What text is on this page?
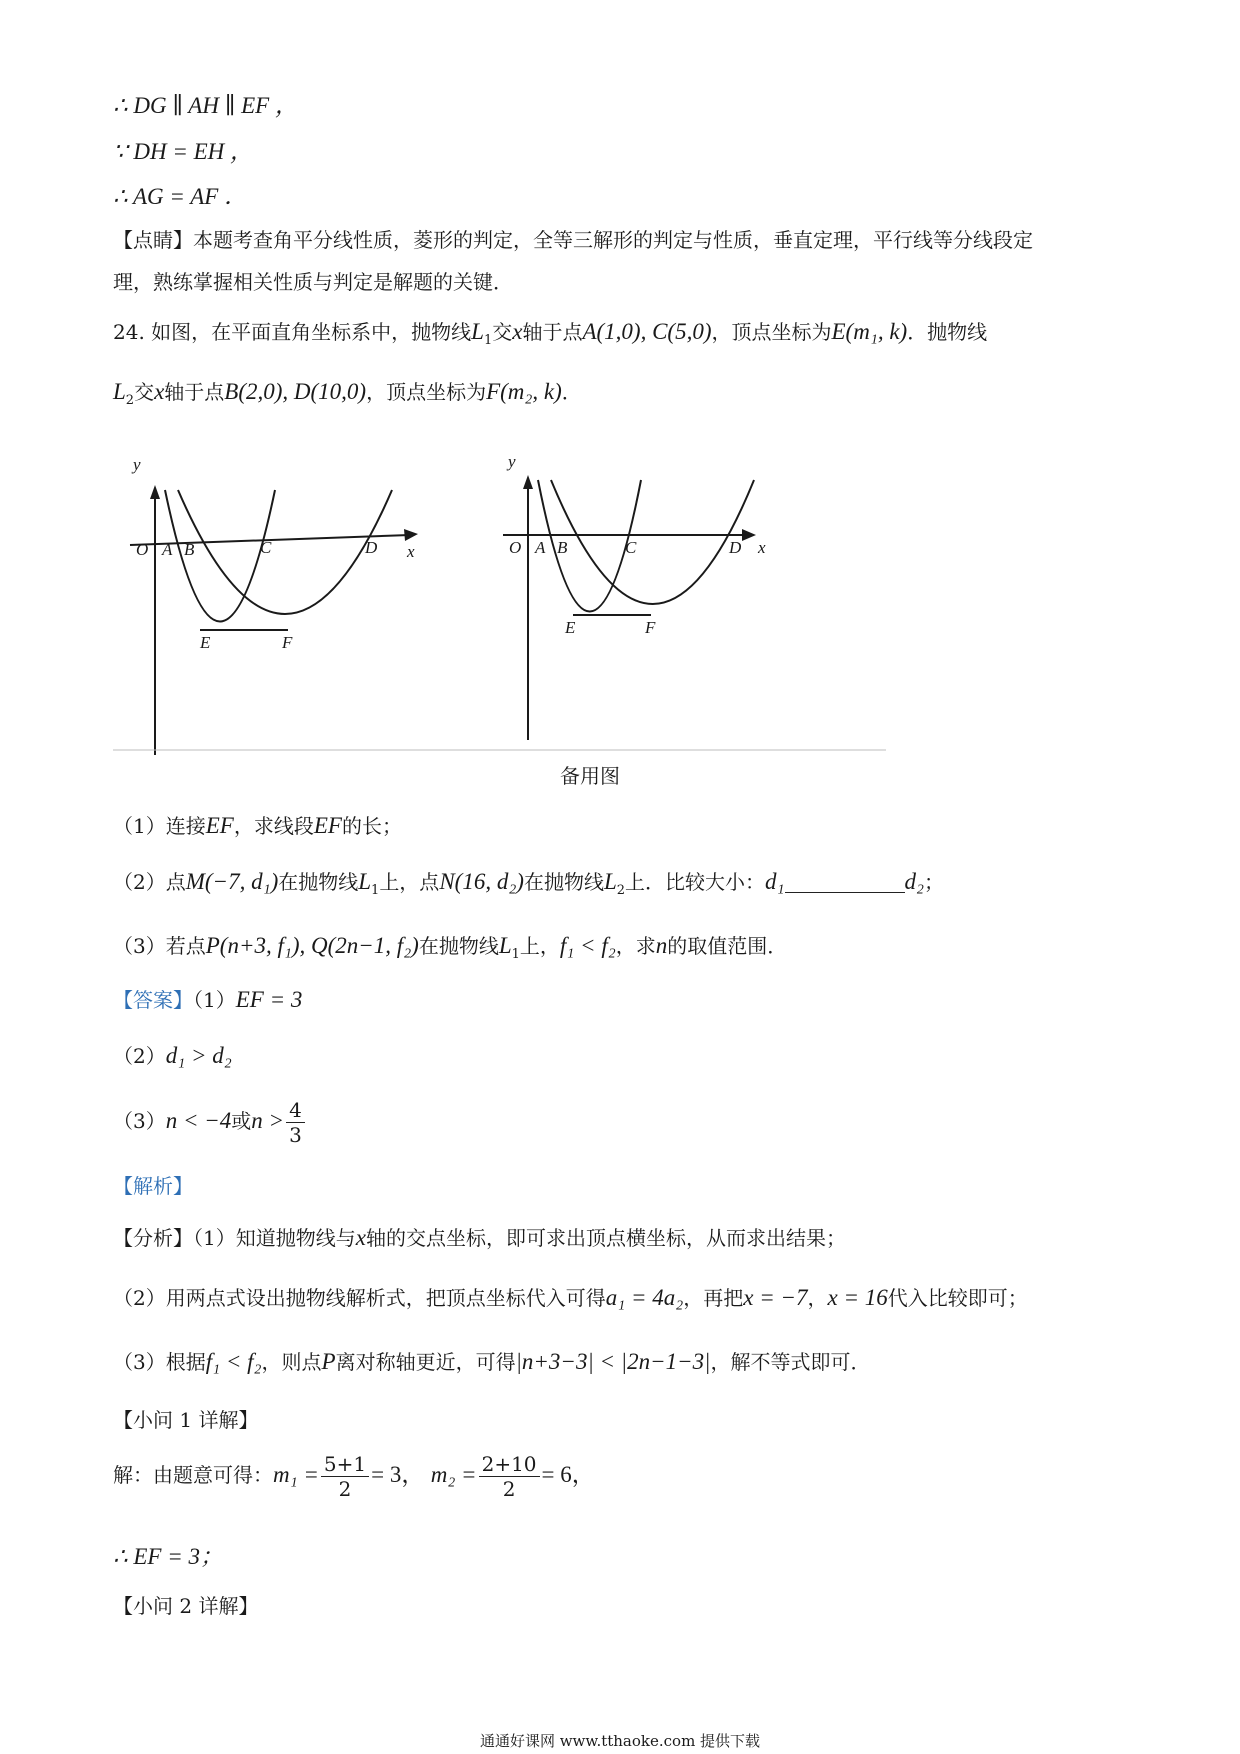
∴ DG ∥ AH ∥ EF ，
∵ DH = EH ，
∴ AG = AF ．
【点睛】本题考查角平分线性质，菱形的判定，全等三解形的判定与性质，垂直定理，平行线等分线段定
理，熟练掌握相关性质与判定是解题的关键．
24. 如图，在平面直角坐标系中，抛物线$L_1$交x轴于点A(1,0), C(5,0)，顶点坐标为E(m₁, k)．抛物线
$L_2$交x轴于点B(2,0), D(10,0)，顶点坐标为F(m₂, k)．
y
O A B	C	D x
E	F
y
O A B	C	D x
E	F
备用图
（1）连接EF，求线段EF的长；
（2）点M(−7, d₁)在抛物线$L_1$上，点N(16, d₂)在抛物线$L_2$上．比较大小：d₁	d₂；
（3）若点P(n+3, f₁), Q(2n−1, f₂)在抛物线$L_1$上，f₁ < f₂，求n的取值范围．
【答案】（1）EF = 3
（2）d₁ > d₂
（3）n < −4或$n > \frac{4}{3}$
【解析】
【分析】（1）知道抛物线与x轴的交点坐标，即可求出顶点横坐标，从而求出结果；
（2）用两点式设出抛物线解析式，把顶点坐标代入可得a₁ = 4a₂，再把x = −7，x = 16代入比较即可；
（3）根据f₁ < f₂，则点P离对称轴更近，可得|n+3−3| < |2n−1−3|，解不等式即可．
【小问 1 详解】
解：由题意可得：$m_1 = \frac{5+1}{2} = 3$， $m_2 = \frac{2+10}{2} = 6$，
∴ EF = 3；
【小问 2 详解】
通通好课网 www.tthaoke.com 提供下载
